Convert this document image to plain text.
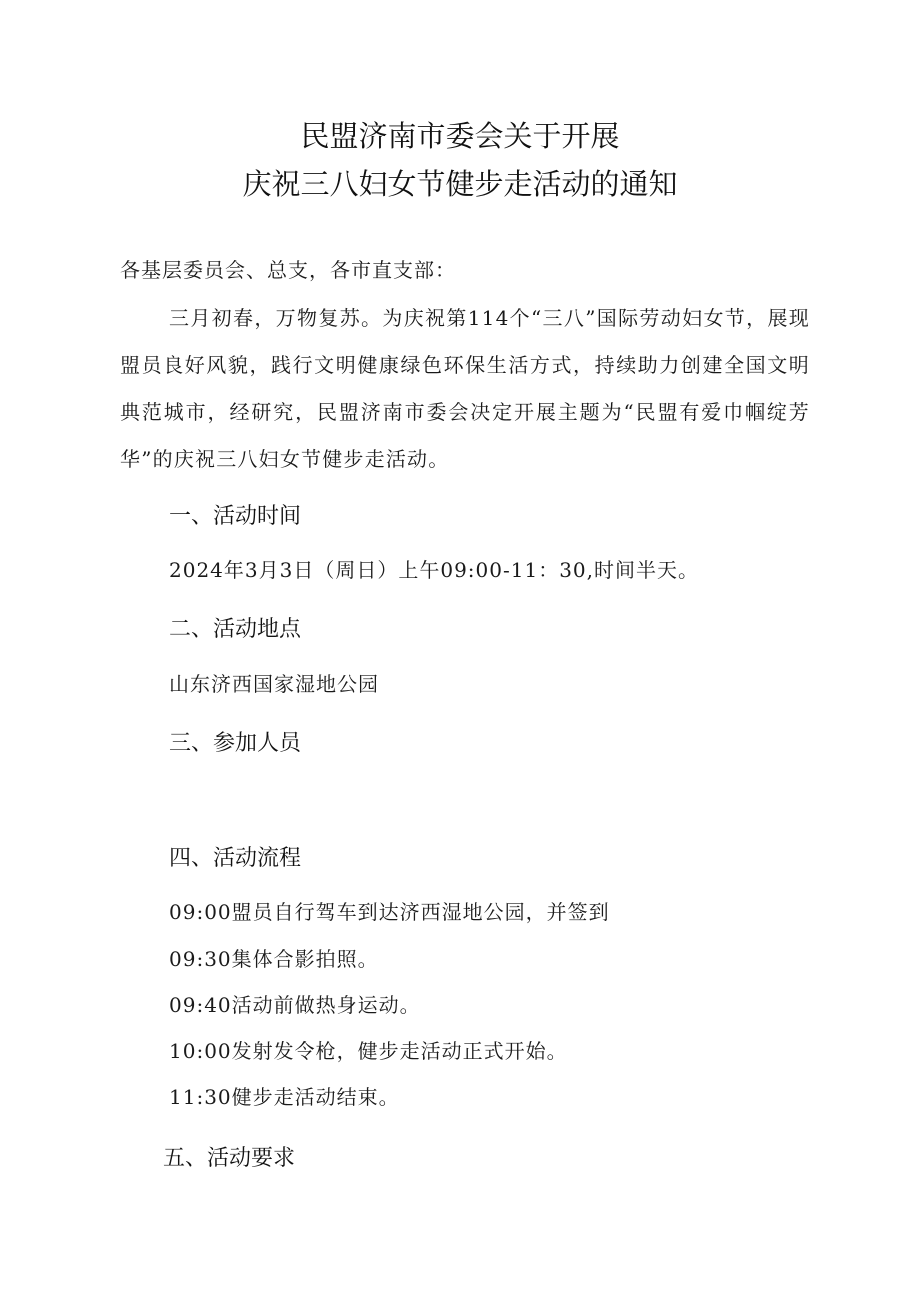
民盟济南市委会关于开展
庆祝三八妇女节健步走活动的通知
各基层委员会、总支，各市直支部：
三月初春，万物复苏。为庆祝第114个“三八”国际劳动妇女节，展现盟员良好风貌，践行文明健康绿色环保生活方式，持续助力创建全国文明典范城市，经研究，民盟济南市委会决定开展主题为“民盟有爱巾帼绽芳华”的庆祝三八妇女节健步走活动。
一、活动时间
2024年3月3日（周日）上午09:00-11：30,时间半天。
二、活动地点
山东济西国家湿地公园
三、参加人员
四、活动流程
09:00盟员自行驾车到达济西湿地公园，并签到
09:30集体合影拍照。
09:40活动前做热身运动。
10:00发射发令枪，健步走活动正式开始。
11:30健步走活动结束。
五、活动要求
